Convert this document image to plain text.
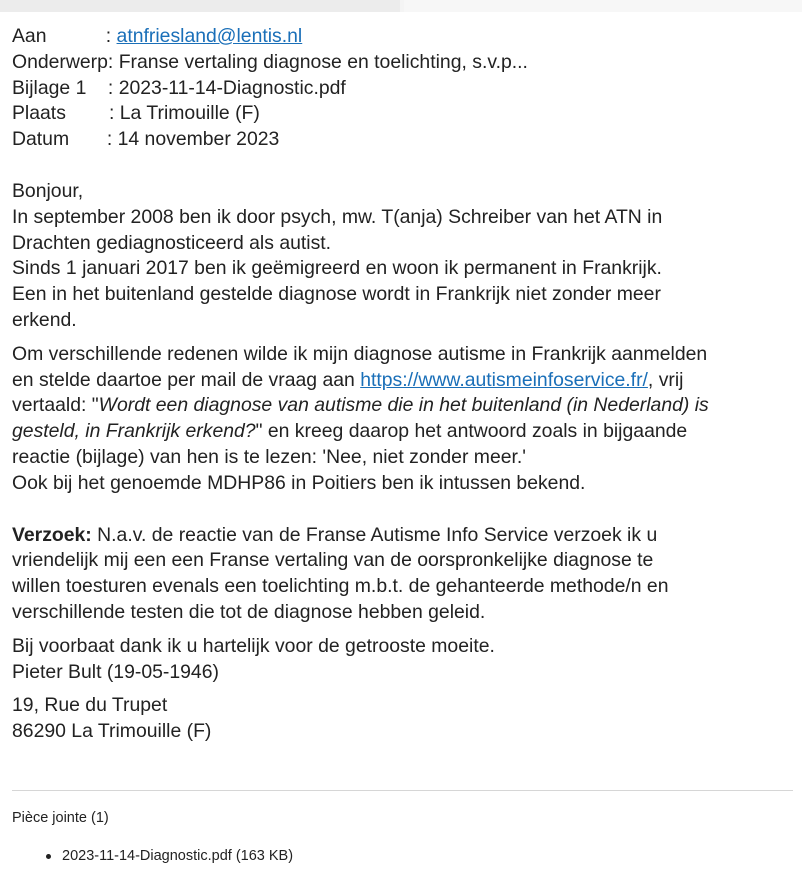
Aan           : atnfriesland@lentis.nl
Onderwerp: Franse vertaling diagnose en toelichting, s.v.p...
Bijlage 1    : 2023-11-14-Diagnostic.pdf
Plaats        : La Trimouille (F)
Datum       : 14 november 2023

Bonjour,

In september 2008 ben ik door psych, mw. T(anja) Schreiber van het ATN in
Drachten gediagnosticeerd als autist.
Sinds 1 januari 2017 ben ik geëmigreerd en woon ik permanent in Frankrijk.
Een in het buitenland gestelde diagnose wordt in Frankrijk niet zonder meer
erkend.
Om verschillende redenen wilde ik mijn diagnose autisme in Frankrijk aanmelden
en stelde daartoe per mail de vraag aan https://www.autismeinfoservice.fr/, vrij
vertaald: "Wordt een diagnose van autisme die in het buitenland (in Nederland) is
gesteld, in Frankrijk erkend?" en kreeg daarop het antwoord zoals in bijgaande
reactie (bijlage) van hen is te lezen: 'Nee, niet zonder meer.'
Ook bij het genoemde MDHP86 in Poitiers ben ik intussen bekend.
Verzoek: N.a.v. de reactie van de Franse Autisme Info Service verzoek ik u
vriendelijk mij een een Franse vertaling van de oorspronkelijke diagnose te
willen toesturen evenals een toelichting m.b.t. de gehanteerde methode/n en
verschillende testen die tot de diagnose hebben geleid.
Bij voorbaat dank ik u hartelijk voor de getrooste moeite.
Pieter Bult (19-05-1946)
19, Rue du Trupet
86290 La Trimouille (F)
Pièce jointe (1)
2023-11-14-Diagnostic.pdf (163 KB)
